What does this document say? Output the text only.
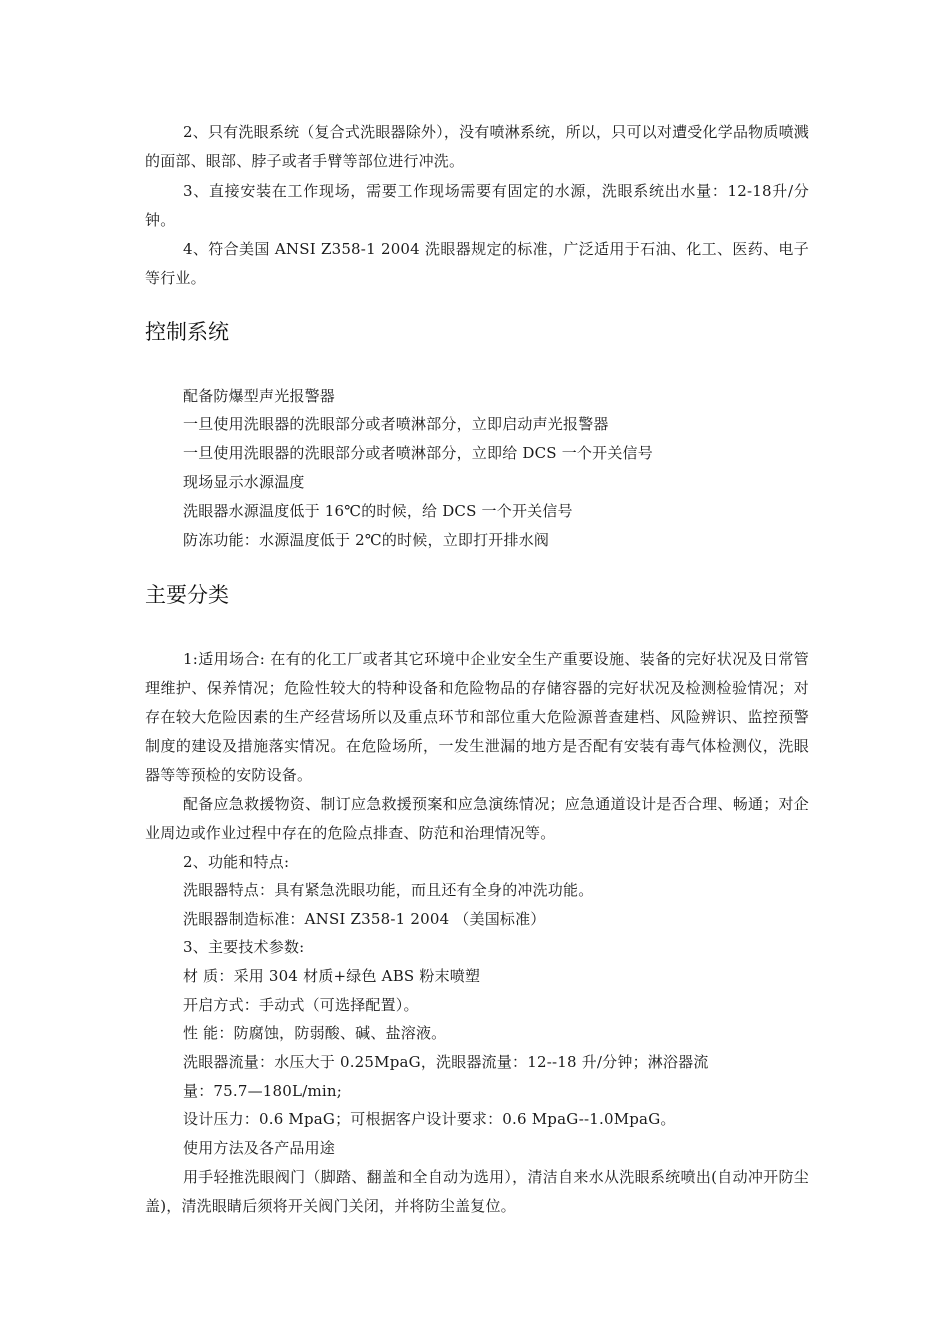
2、只有洗眼系统（复合式洗眼器除外），没有喷淋系统，所以，只可以对遭受化学品物质喷溅的面部、眼部、脖子或者手臂等部位进行冲洗。

3、直接安装在工作现场，需要工作现场需要有固定的水源，洗眼系统出水量：12-18升/分钟。

4、符合美国 ANSI Z358-1 2004 洗眼器规定的标准，广泛适用于石油、化工、医药、电子等行业。

控制系统

配备防爆型声光报警器

一旦使用洗眼器的洗眼部分或者喷淋部分，立即启动声光报警器

一旦使用洗眼器的洗眼部分或者喷淋部分，立即给 DCS 一个开关信号

现场显示水源温度

洗眼器水源温度低于 16℃的时候，给 DCS 一个开关信号

防冻功能：水源温度低于 2℃的时候，立即打开排水阀

主要分类

1:适用场合: 在有的化工厂或者其它环境中企业安全生产重要设施、装备的完好状况及日常管理维护、保养情况；危险性较大的特种设备和危险物品的存储容器的完好状况及检测检验情况；对存在较大危险因素的生产经营场所以及重点环节和部位重大危险源普查建档、风险辨识、监控预警制度的建设及措施落实情况。在危险场所，一发生泄漏的地方是否配有安装有毒气体检测仪，洗眼器等等预检的安防设备。

配备应急救援物资、制订应急救援预案和应急演练情况；应急通道设计是否合理、畅通；对企业周边或作业过程中存在的危险点排查、防范和治理情况等。

2、功能和特点:

洗眼器特点：具有紧急洗眼功能，而且还有全身的冲洗功能。

洗眼器制造标准：ANSI Z358-1 2004 （美国标准）

3、主要技术参数:

材 质：采用 304 材质+绿色 ABS 粉末喷塑

开启方式：手动式（可选择配置）。

性 能：防腐蚀，防弱酸、碱、盐溶液。

洗眼器流量：水压大于 0.25MpaG，洗眼器流量：12--18 升/分钟；淋浴器流

量：75.7—180L/min;

设计压力：0.6 MpaG；可根据客户设计要求：0.6 MpaG--1.0MpaG。

使用方法及各产品用途

用手轻推洗眼阀门（脚踏、翻盖和全自动为选用），清洁自来水从洗眼系统喷出(自动冲开防尘盖)，清洗眼睛后须将开关阀门关闭，并将防尘盖复位。
